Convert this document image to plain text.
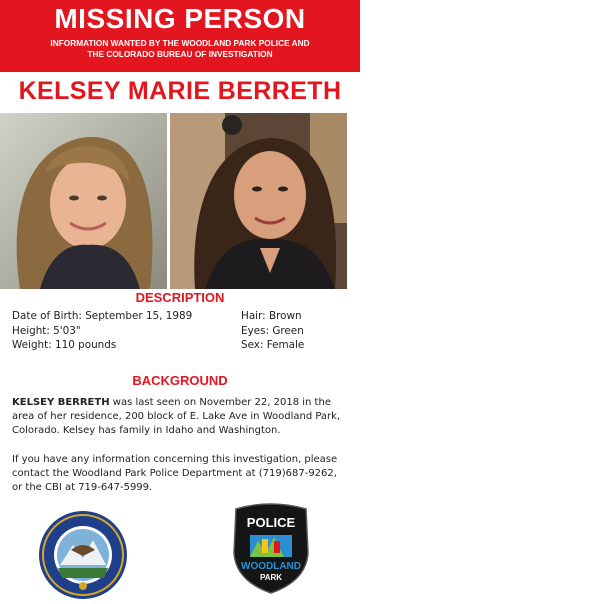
MISSING PERSON
INFORMATION WANTED BY THE WOODLAND PARK POLICE AND
THE COLORADO BUREAU OF INVESTIGATION
KELSEY MARIE BERRETH
DESCRIPTION
Date of Birth: September 15, 1989
Height: 5'03"
Weight: 110 pounds
Hair: Brown
Eyes: Green
Sex: Female
BACKGROUND
KELSEY BERRETH was last seen on November 22, 2018 in the area of her residence, 200 block of E. Lake Ave in Woodland Park, Colorado. Kelsey has family in Idaho and Washington.
If you have any information concerning this investigation, please contact the Woodland Park Police Department at (719)687-9262, or the CBI at 719-647-5999.
POLICE
WOODLAND
PARK
